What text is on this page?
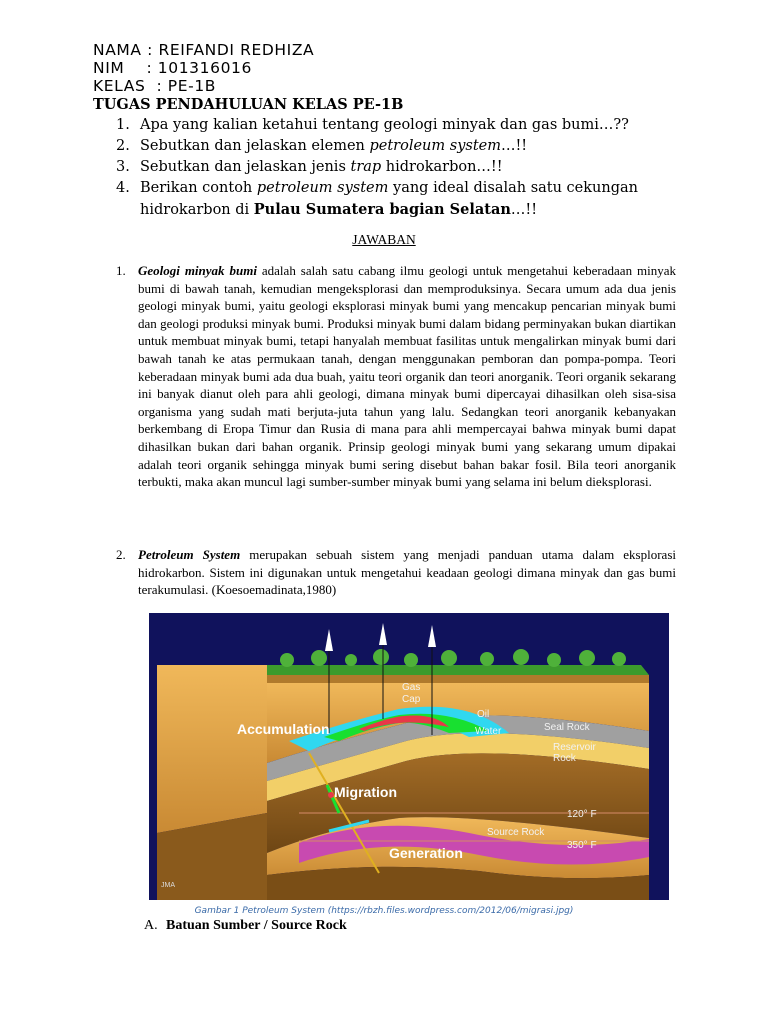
NAMA : REIFANDI REDHIZA
NIM    : 101316016
KELAS  : PE-1B
TUGAS PENDAHULUAN KELAS PE-1B
1. Apa yang kalian ketahui tentang geologi minyak dan gas bumi…??
2. Sebutkan dan jelaskan elemen petroleum system…!!
3. Sebutkan dan jelaskan jenis trap hidrokarbon…!!
4. Berikan contoh petroleum system yang ideal disalah satu cekungan
hidrokarbon di Pulau Sumatera bagian Selatan…!!
JAWABAN
1. Geologi minyak bumi adalah salah satu cabang ilmu geologi untuk mengetahui keberadaan minyak bumi di bawah tanah, kemudian mengeksplorasi dan memproduksinya. Secara umum ada dua jenis geologi minyak bumi, yaitu geologi eksplorasi minyak bumi yang mencakup pencarian minyak bumi dan geologi produksi minyak bumi. Produksi minyak bumi dalam bidang perminyakan bukan diartikan untuk membuat minyak bumi, tetapi hanyalah membuat fasilitas untuk mengalirkan minyak bumi dari bawah tanah ke atas permukaan tanah, dengan menggunakan pemboran dan pompa-pompa. Teori keberadaan minyak bumi ada dua buah, yaitu teori organik dan teori anorganik. Teori organik sekarang ini banyak dianut oleh para ahli geologi, dimana minyak bumi dipercayai dihasilkan oleh sisa-sisa organisma yang sudah mati berjuta-juta tahun yang lalu. Sedangkan teori anorganik kebanyakan berkembang di Eropa Timur dan Rusia di mana para ahli mempercayai bahwa minyak bumi dapat dihasilkan bukan dari bahan organik. Prinsip geologi minyak bumi yang sekarang umum dipakai adalah teori organik sehingga minyak bumi sering disebut bahan bakar fosil. Bila teori anorganik terbukti, maka akan muncul lagi sumber-sumber minyak bumi yang selama ini belum dieksplorasi.
2. Petroleum System merupakan sebuah sistem yang menjadi panduan utama dalam eksplorasi hidrokarbon. Sistem ini digunakan untuk mengetahui keadaan geologi dimana minyak dan gas bumi terakumulasi. (Koesoemadinata,1980)
Gas
Cap
Oil
Water	Seal Rock
Reservoir
Rock
Accumulation
Migration
120° F
Source Rock
350° F
Generation
JMA
Gambar 1 Petroleum System (https://rbzh.files.wordpress.com/2012/06/migrasi.jpg)
A. Batuan Sumber / Source Rock
